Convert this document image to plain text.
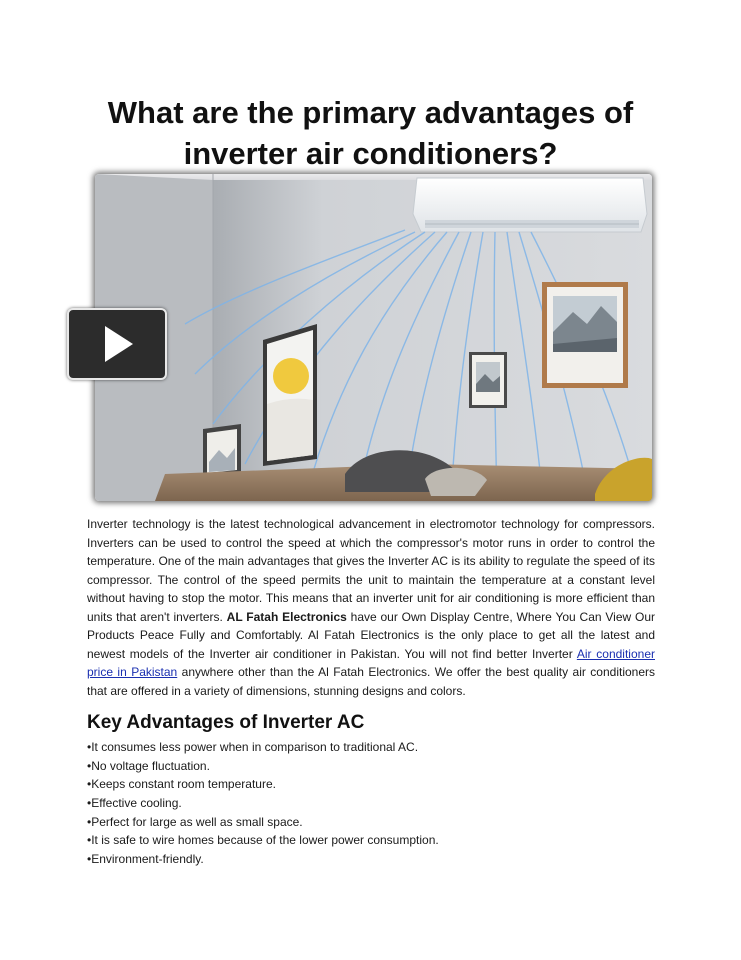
What are the primary advantages of inverter air conditioners?
Inverter technology is the latest technological advancement in electromotor technology for compressors. Inverters can be used to control the speed at which the compressor's motor runs in order to control the temperature. One of the main advantages that gives the Inverter AC is its ability to regulate the speed of its compressor. The control of the speed permits the unit to maintain the temperature at a constant level without having to stop the motor. This means that an inverter unit for air conditioning is more efficient than units that aren't inverters. AL Fatah Electronics have our Own Display Centre, Where You Can View Our Products Peace Fully and Comfortably. Al Fatah Electronics is the only place to get all the latest and newest models of the Inverter air conditioner in Pakistan. You will not find better Inverter Air conditioner price in Pakistan anywhere other than the Al Fatah Electronics. We offer the best quality air conditioners that are offered in a variety of dimensions, stunning designs and colors.
Key Advantages of Inverter AC
•It consumes less power when in comparison to traditional AC.
•No voltage fluctuation.
•Keeps constant room temperature.
•Effective cooling.
•Perfect for large as well as small space.
•It is safe to wire homes because of the lower power consumption.
•Environment-friendly.
